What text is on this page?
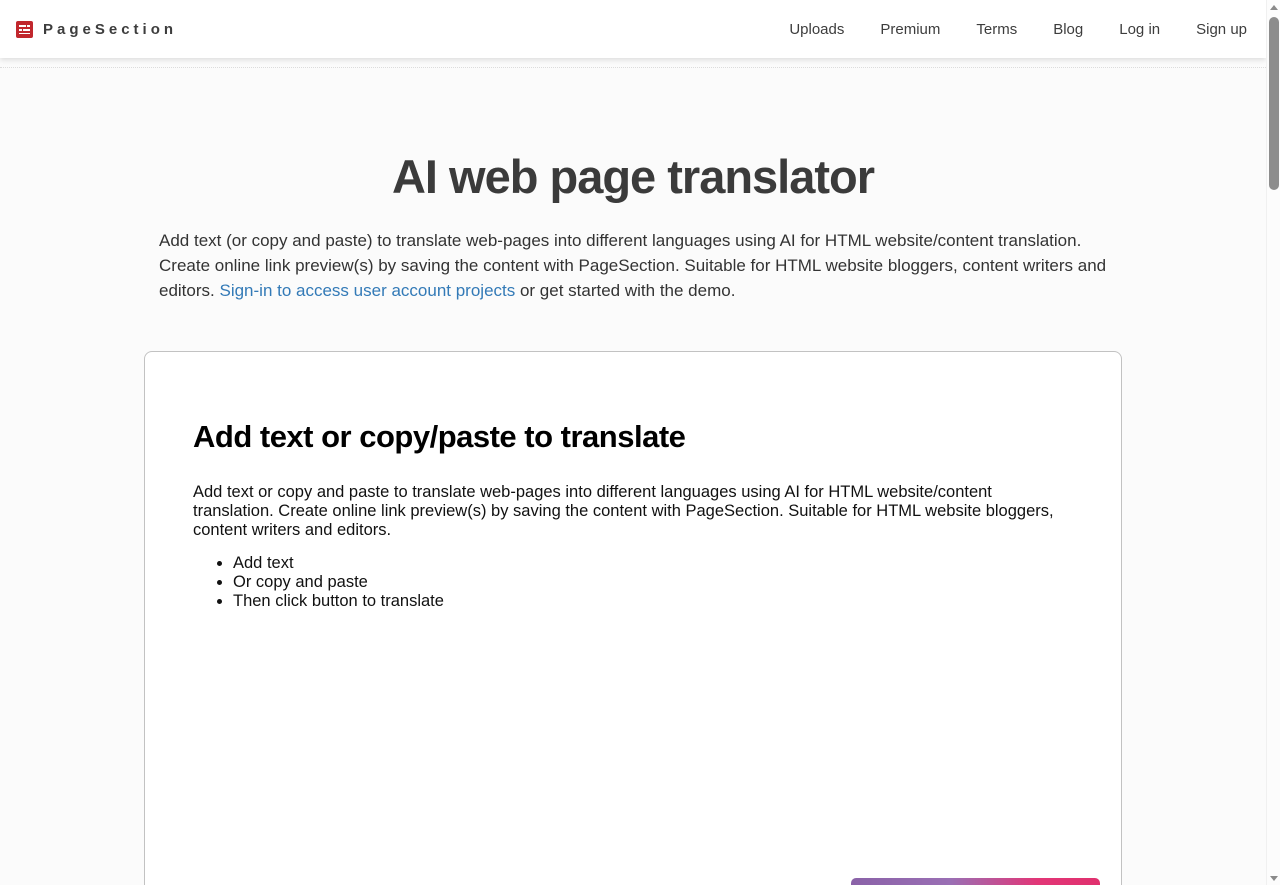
PageSection	Uploads Premium Terms Blog Log in Sign up
AI web page translator

Add text (or copy and paste) to translate web-pages into different languages using AI for HTML website/content translation. Create online link preview(s) by saving the content with PageSection. Suitable for HTML website bloggers, content writers and editors. Sign-in to access user account projects or get started with the demo.

Add text or copy/paste to translate

Add text or copy and paste to translate web-pages into different languages using AI for HTML website/content translation. Create online link preview(s) by saving the content with PageSection. Suitable for HTML website bloggers, content writers and editors.

• Add text
• Or copy and paste
• Then click button to translate
